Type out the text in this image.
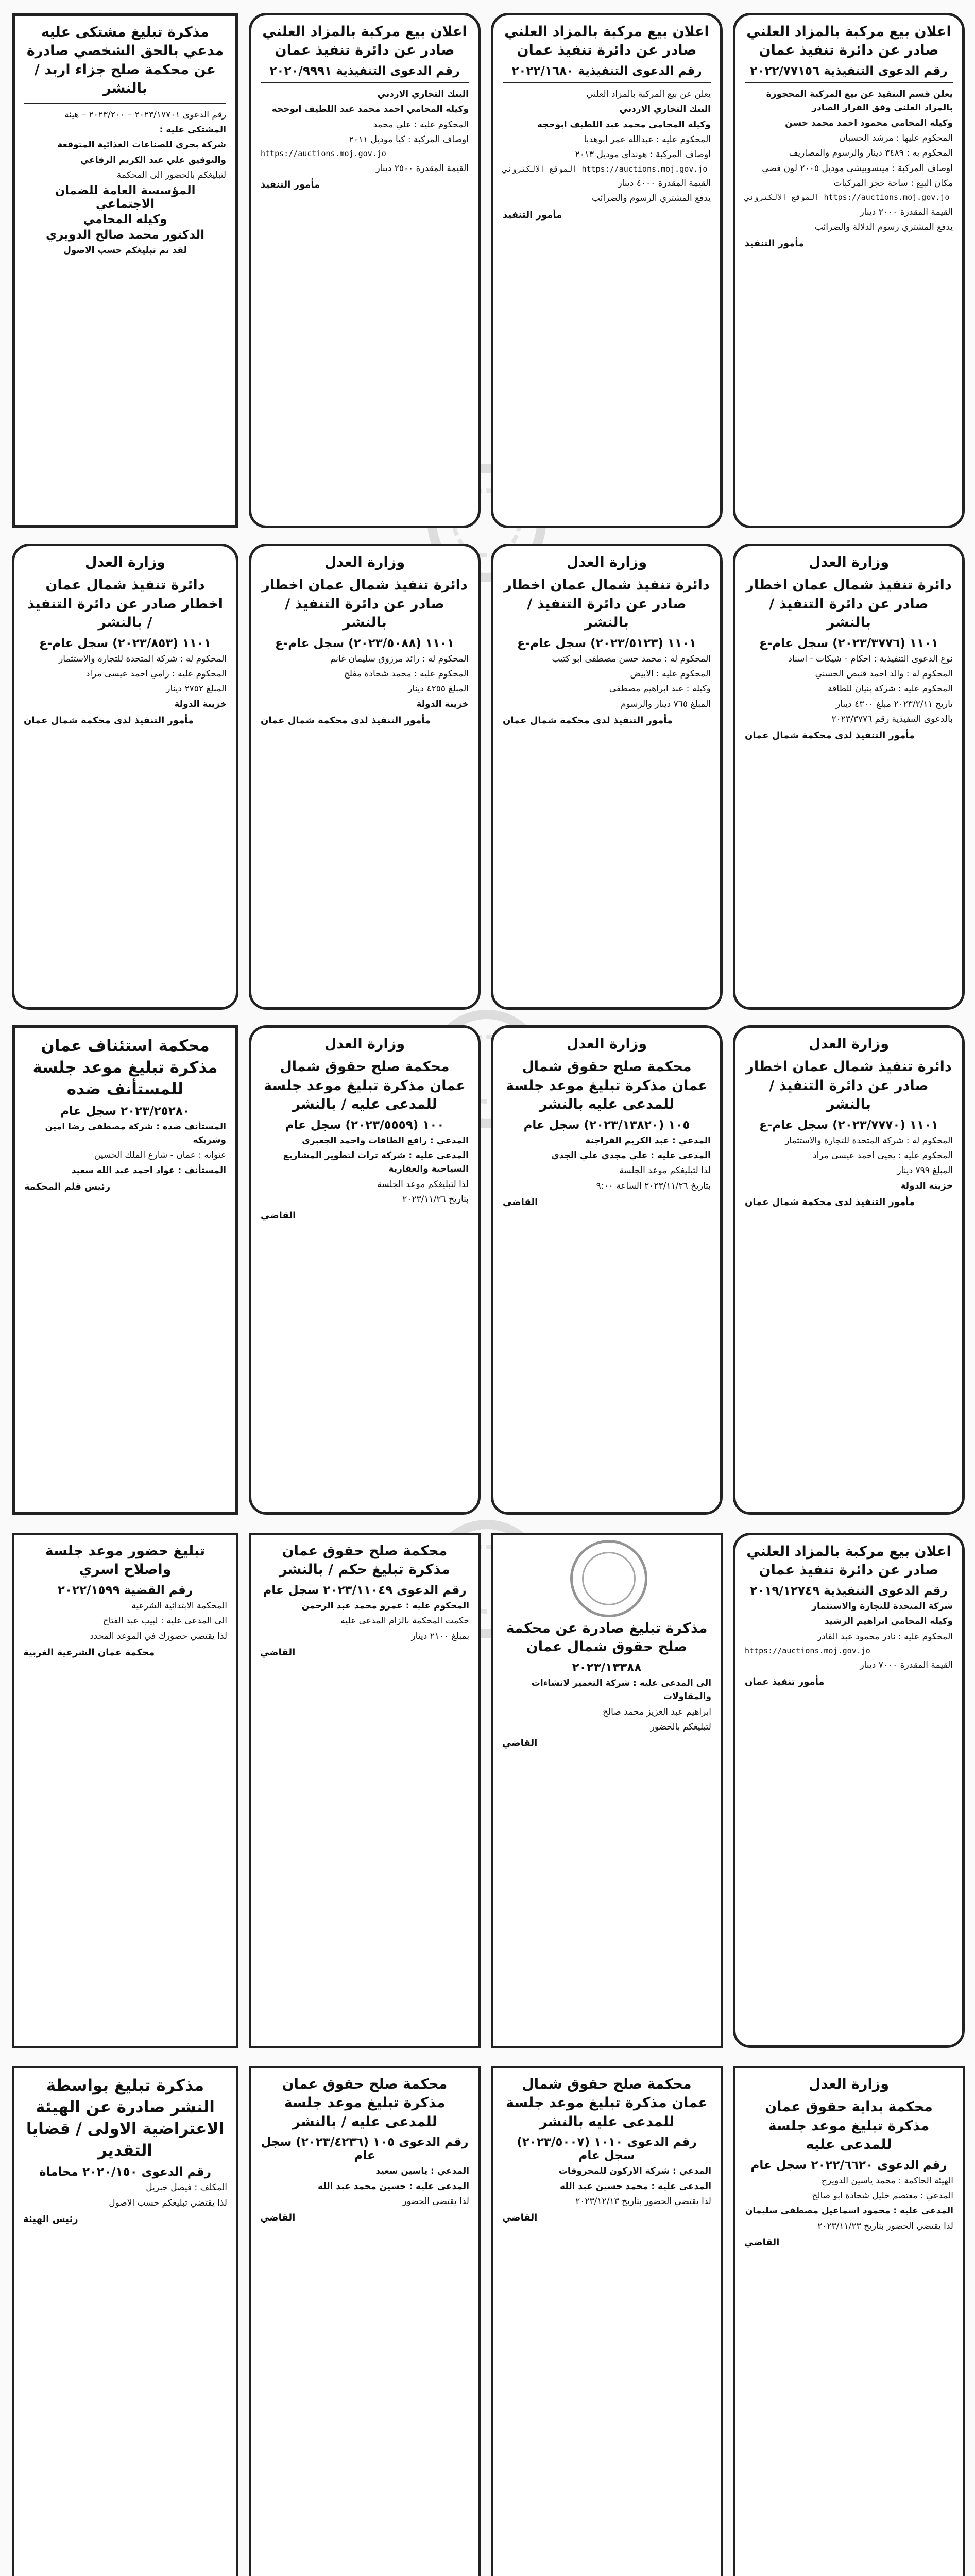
اعلان بيع مركبة بالمزاد العلني صادر عن دائرة تنفيذ عمان
رقم الدعوى التنفيذية ٢٠٢٢/٧٧١٥٦
يعلن قسم التنفيذ عن بيع المركبة المحجوزة بالمزاد العلني وفق القرار الصادر
وكيله المحامي محمود احمد محمد حسن
المحكوم عليها : مرشد الحسبان
المحكوم به : ٣٤٨٩ دينار والرسوم والمصاريف
اوصاف المركبة : ميتسوبيشي موديل ٢٠٠٥ لون فضي
مكان البيع : ساحة حجز المركبات
الموقع الالكتروني https://auctions.moj.gov.jo
القيمة المقدرة ٢٠٠٠ دينار
يدفع المشتري رسوم الدلالة والضرائب
مأمور التنفيذ
اعلان بيع مركبة بالمزاد العلني صادر عن دائرة تنفيذ عمان
رقم الدعوى التنفيذية ٢٠٢٢/١٦٨٠
يعلن عن بيع المركبة بالمزاد العلني
البنك التجاري الاردني
وكيله المحامي محمد عبد اللطيف ابوحجه
المحكوم عليه : عبدالله عمر ابوهدبا
اوصاف المركبة : هونداي موديل ٢٠١٣
الموقع الالكتروني https://auctions.moj.gov.jo
القيمة المقدرة ٤٠٠٠ دينار
يدفع المشتري الرسوم والضرائب
مأمور التنفيذ
اعلان بيع مركبة بالمزاد العلني صادر عن دائرة تنفيذ عمان
رقم الدعوى التنفيذية ٢٠٢٠/٩٩٩١
البنك التجاري الاردني
وكيله المحامي احمد محمد عبد اللطيف ابوحجه
المحكوم عليه : علي محمد
اوصاف المركبة : كيا موديل ٢٠١١
https://auctions.moj.gov.jo
القيمة المقدرة ٢٥٠٠ دينار
مأمور التنفيذ
مذكرة تبليغ مشتكى عليه مدعي بالحق الشخصي صادرة عن محكمة صلح جزاء اربد / بالنشر
رقم الدعوى ٢٠٢٣/١٧٧٠١ – ٢٠٢٣/٢٠٠ – هيئة
المشتكى عليه :
شركة بحري للصناعات الغذائية المتوقعة
والتوفيق علي عبد الكريم الرفاعي
لتبليغكم بالحضور الى المحكمة
المؤسسة العامة للضمان الاجتماعي
وكيله المحامي
الدكتور محمد صالح الدويري
لقد تم تبليغكم حسب الاصول
وزارة العدل
دائرة تنفيذ شمال عمان اخطار صادر عن دائرة التنفيذ / بالنشر
١١٠١ (٢٠٢٣/٣٧٧٦) سجل عام-ع
نوع الدعوى التنفيذية : احكام - شيكات - اسناد
المحكوم له : والد احمد قنيص الحسني
المحكوم عليه : شركة بنيان للطاقة
تاريخ ٢٠٢٣/٢/١١ مبلغ ٤٣٠٠ دينار
بالدعوى التنفيذية رقم ٢٠٢٣/٣٧٧٦
مأمور التنفيذ لدى محكمة شمال عمان
وزارة العدل
دائرة تنفيذ شمال عمان اخطار صادر عن دائرة التنفيذ / بالنشر
١١٠١ (٢٠٢٣/٥١٢٣) سجل عام-ع
المحكوم له : محمد حسن مصطفى ابو كتيب
المحكوم عليه : الابيض
وكيله : عبد ابراهيم مصطفى
المبلغ ٧٦٥ دينار والرسوم
مأمور التنفيذ لدى محكمة شمال عمان
وزارة العدل
دائرة تنفيذ شمال عمان اخطار صادر عن دائرة التنفيذ / بالنشر
١١٠١ (٢٠٢٣/٥٠٨٨) سجل عام-ع
المحكوم له : رائد مرزوق سليمان غانم
المحكوم عليه : محمد شحادة مفلح
المبلغ ٤٢٥٥ دينار
خزينة الدولة
مأمور التنفيذ لدى محكمة شمال عمان
وزارة العدل
دائرة تنفيذ شمال عمان اخطار صادر عن دائرة التنفيذ / بالنشر
١١٠١ (٢٠٢٣/٨٥٣) سجل عام-ع
المحكوم له : شركة المتحدة للتجارة والاستثمار
المحكوم عليه : رامي احمد عيسى مراد
المبلغ ٢٧٥٢ دينار
خزينة الدولة
مأمور التنفيذ لدى محكمة شمال عمان
وزارة العدل
دائرة تنفيذ شمال عمان اخطار صادر عن دائرة التنفيذ / بالنشر
١١٠١ (٢٠٢٣/٧٧٧٠) سجل عام-ع
المحكوم له : شركة المتحدة للتجارة والاستثمار
المحكوم عليه : يحيى احمد عيسى مراد
المبلغ ٧٩٩ دينار
خزينة الدولة
مأمور التنفيذ لدى محكمة شمال عمان
وزارة العدل
محكمة صلح حقوق شمال عمان مذكرة تبليغ موعد جلسة للمدعى عليه بالنشر
١٠٥ (٢٠٢٣/١٣٨٢٠) سجل عام
المدعي : عبد الكريم الفراجنة
المدعى عليه : علي مجدي علي الجدي
لذا لتبليغكم موعد الجلسة
بتاريخ ٢٠٢٣/١١/٢٦ الساعة ٩:٠٠
القاضي
وزارة العدل
محكمة صلح حقوق شمال عمان مذكرة تبليغ موعد جلسة للمدعى عليه / بالنشر
١٠٠ (٢٠٢٣/٥٥٥٩) سجل عام
المدعي : رافع الطاقات واحمد الجعبري
المدعى عليه : شركة تراث لتطوير المشاريع السياحية والعقارية
لذا لتبليغكم موعد الجلسة
بتاريخ ٢٠٢٣/١١/٢٦
القاضي
محكمة استئناف عمان مذكرة تبليغ موعد جلسة للمستأنف ضده
٢٠٢٣/٢٥٢٨٠ سجل عام
المستأنف ضده : شركة مصطفى رضا امين وشريكه
عنوانه : عمان - شارع الملك الحسين
المستأنف : عواد احمد عبد الله سعيد
رئيس قلم المحكمة
اعلان بيع مركبة بالمزاد العلني صادر عن دائرة تنفيذ عمان
رقم الدعوى التنفيذية ٢٠١٩/١٢٧٤٩
شركة المتحدة للتجارة والاستثمار
وكيله المحامي ابراهيم الرشيد
المحكوم عليه : نادر محمود عبد القادر
https://auctions.moj.gov.jo
القيمة المقدرة ٧٠٠٠ دينار
مأمور تنفيذ عمان
مذكرة تبليغ صادرة عن محكمة صلح حقوق شمال عمان
٢٠٢٣/١٣٣٨٨
الى المدعى عليه : شركة التعمير لانشاءات والمقاولات
ابراهيم عبد العزيز محمد صالح
لتبليغكم بالحضور
القاضي
محكمة صلح حقوق عمان مذكرة تبليغ حكم / بالنشر
رقم الدعوى ٢٠٢٣/١١٠٤٩ سجل عام
المحكوم عليه : عمرو محمد عبد الرحمن
حكمت المحكمة بالزام المدعى عليه
بمبلغ ٢١٠٠ دينار
القاضي
تبليغ حضور موعد جلسة واصلاح اسري
رقم القضية ٢٠٢٢/١٥٩٩
المحكمة الابتدائية الشرعية
الى المدعى عليه : لبيب عبد الفتاح
لذا يقتضي حضورك في الموعد المحدد
محكمة عمان الشرعية الغربية
وزارة العدل
محكمة بداية حقوق عمان مذكرة تبليغ موعد جلسة للمدعى عليه
رقم الدعوى ٢٠٢٢/٦٦٢٠ سجل عام
الهيئة الحاكمة : محمد ياسين الدويرج
المدعي : معتصم خليل شحادة ابو صالح
المدعى عليه : محمود اسماعيل مصطفى سليمان
لذا يقتضي الحضور بتاريخ ٢٠٢٣/١١/٢٣
القاضي
محكمة صلح حقوق شمال عمان مذكرة تبليغ موعد جلسة للمدعى عليه بالنشر
رقم الدعوى ١٠١٠ (٢٠٢٣/٥٠٠٧) سجل عام
المدعي : شركة الاركون للمحروقات
المدعى عليه : محمد حسين عبد الله
لذا يقتضي الحضور بتاريخ ٢٠٢٣/١٢/١٣
القاضي
محكمة صلح حقوق عمان مذكرة تبليغ موعد جلسة للمدعى عليه / بالنشر
رقم الدعوى ١٠٥ (٢٠٢٣/٤٢٣٦) سجل عام
المدعي : ياسين سعيد
المدعى عليه : حسين محمد عبد الله
لذا يقتضي الحضور
القاضي
مذكرة تبليغ بواسطة النشر صادرة عن الهيئة الاعتراضية الاولى / قضايا التقدير
رقم الدعوى ٢٠٢٠/١٥٠ محاماة
المكلف : فيصل جبريل
لذا يقتضي تبليغكم حسب الاصول
رئيس الهيئة
